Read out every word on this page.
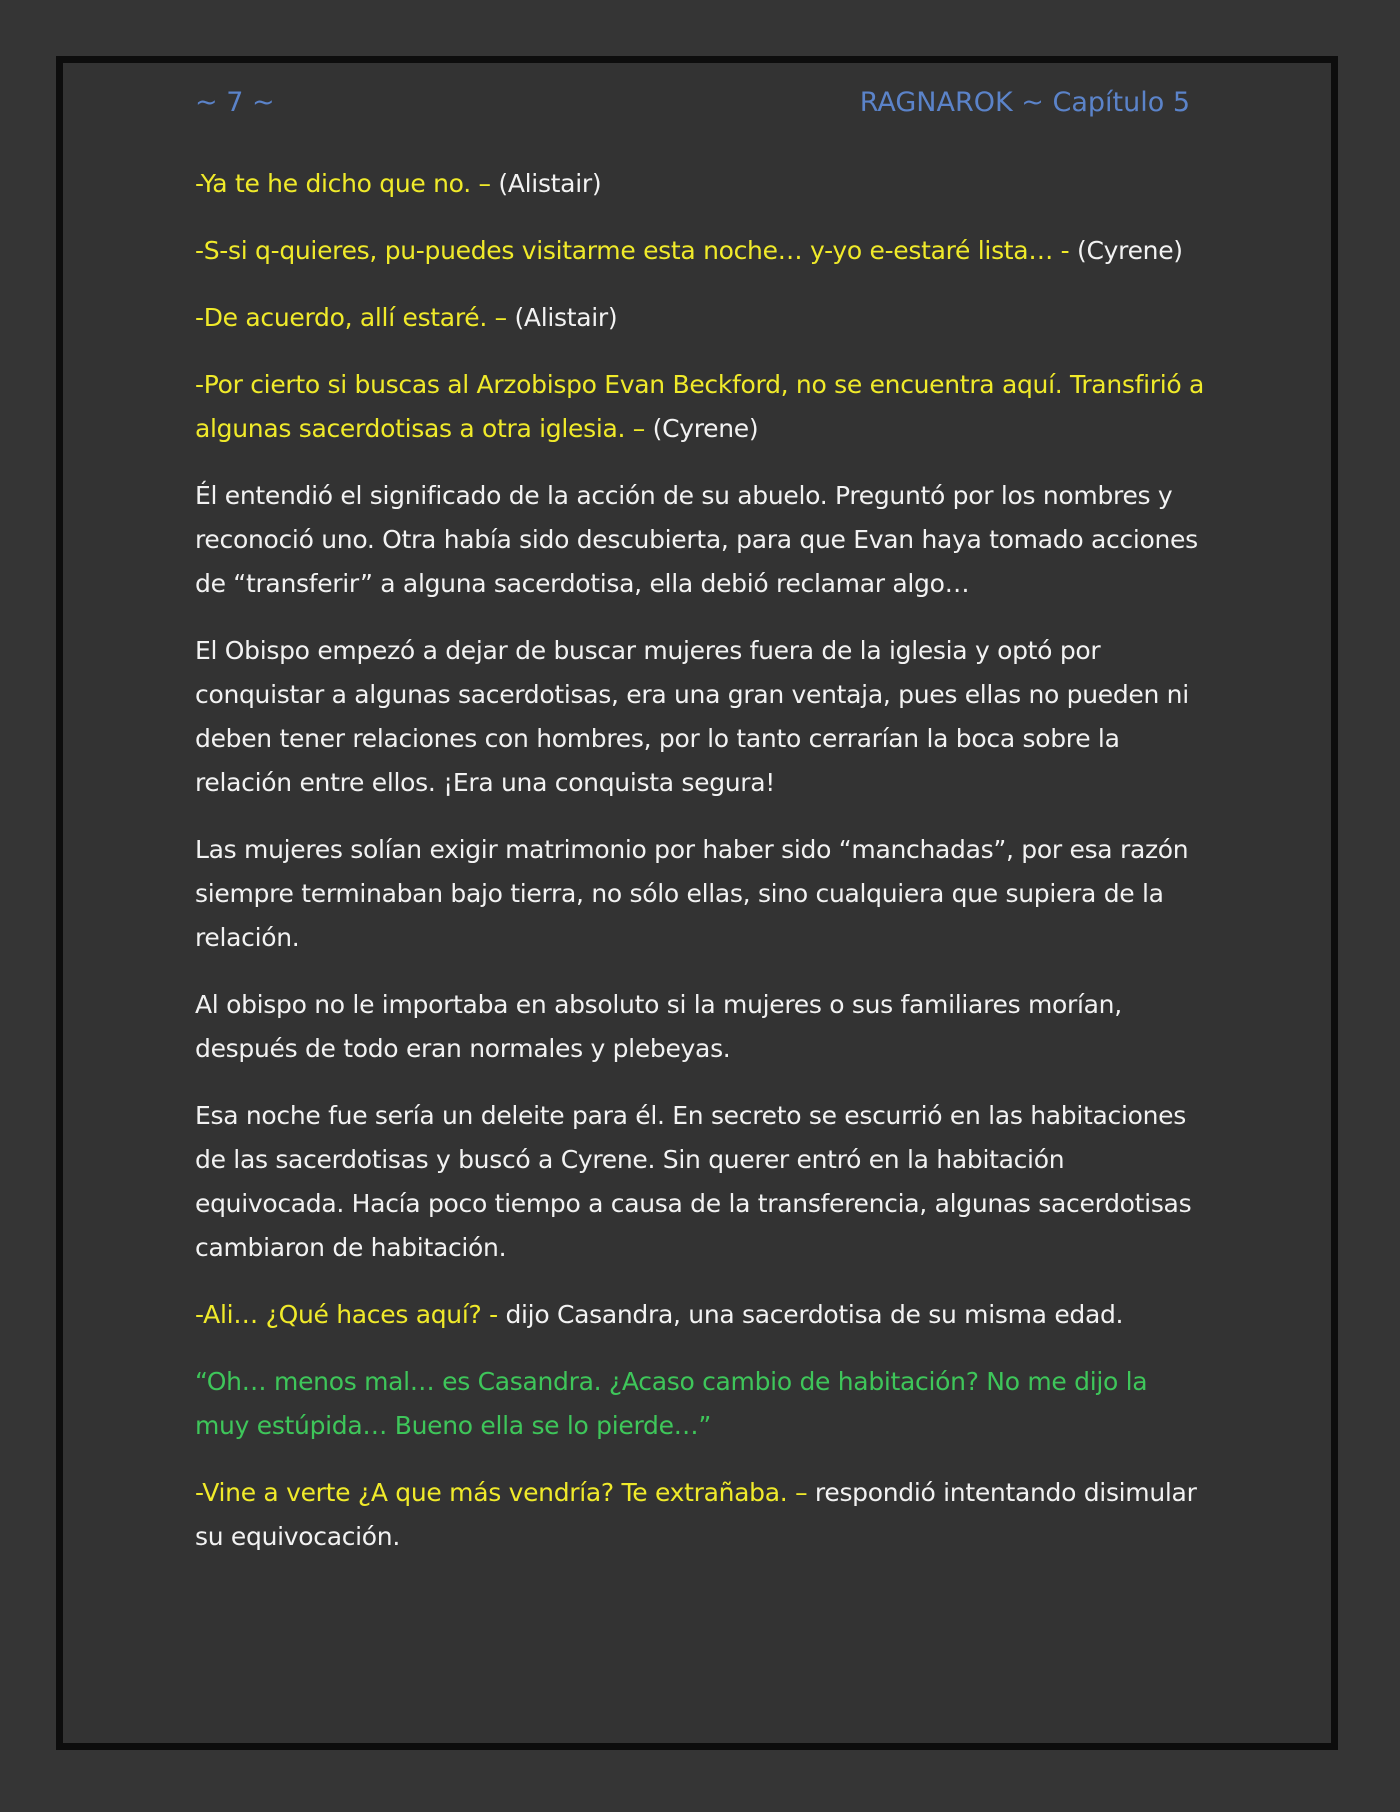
~ 7 ~	RAGNAROK ~ Capítulo 5

-Ya te he dicho que no. – (Alistair)

-S-si q-quieres, pu-puedes visitarme esta noche… y-yo e-estaré lista… - (Cyrene)

-De acuerdo, allí estaré. – (Alistair)

-Por cierto si buscas al Arzobispo Evan Beckford, no se encuentra aquí. Transfirió a algunas sacerdotisas a otra iglesia. – (Cyrene)

Él entendió el significado de la acción de su abuelo. Preguntó por los nombres y reconoció uno. Otra había sido descubierta, para que Evan haya tomado acciones de “transferir” a alguna sacerdotisa, ella debió reclamar algo…

El Obispo empezó a dejar de buscar mujeres fuera de la iglesia y optó por conquistar a algunas sacerdotisas, era una gran ventaja, pues ellas no pueden ni deben tener relaciones con hombres, por lo tanto cerrarían la boca sobre la relación entre ellos. ¡Era una conquista segura!

Las mujeres solían exigir matrimonio por haber sido “manchadas”, por esa razón siempre terminaban bajo tierra, no sólo ellas, sino cualquiera que supiera de la relación.

Al obispo no le importaba en absoluto si la mujeres o sus familiares morían, después de todo eran normales y plebeyas.

Esa noche fue sería un deleite para él. En secreto se escurrió en las habitaciones de las sacerdotisas y buscó a Cyrene. Sin querer entró en la habitación equivocada. Hacía poco tiempo a causa de la transferencia, algunas sacerdotisas cambiaron de habitación.

-Ali… ¿Qué haces aquí? - dijo Casandra, una sacerdotisa de su misma edad.

“Oh… menos mal… es Casandra. ¿Acaso cambio de habitación? No me dijo la muy estúpida… Bueno ella se lo pierde…”

-Vine a verte ¿A que más vendría? Te extrañaba. – respondió intentando disimular su equivocación.
